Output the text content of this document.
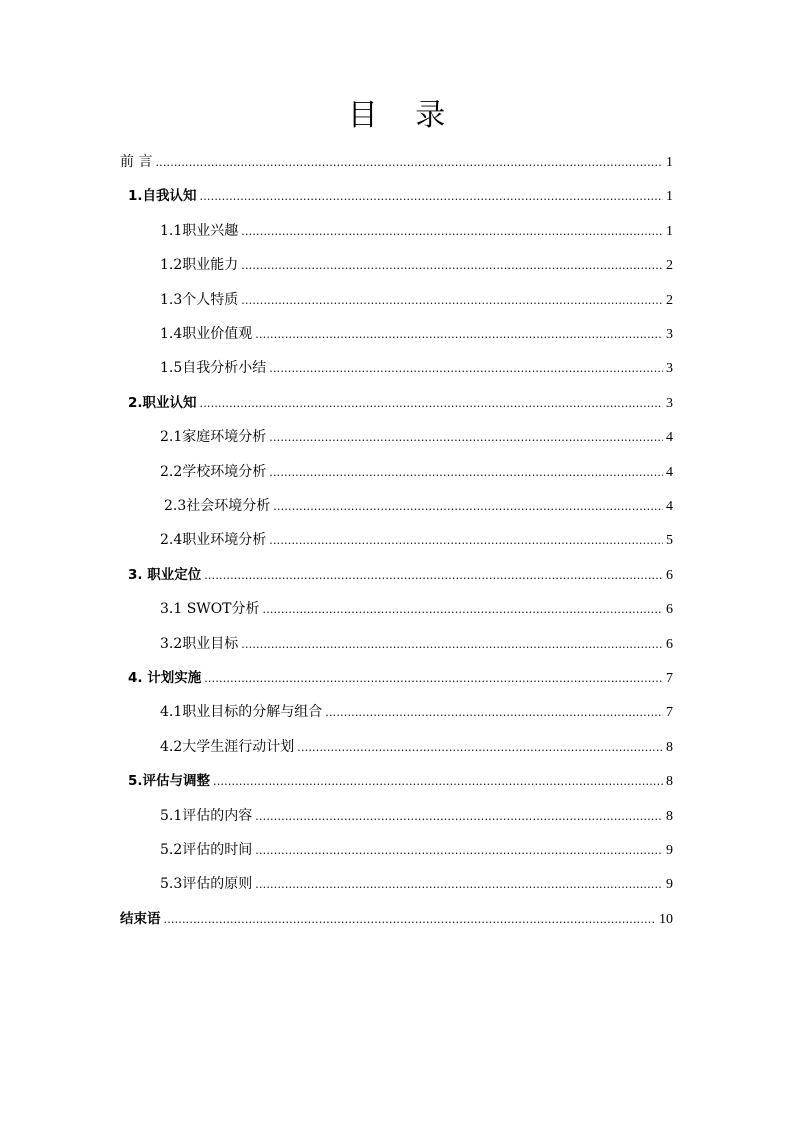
目 录
前 言 .....	1
1.自我认知 .....	1
1.1职业兴趣 .....	1
1.2职业能力 .....	2
1.3个人特质 .....	2
1.4职业价值观 .....	3
1.5自我分析小结 .....	3
2.职业认知 .....	3
2.1家庭环境分析 .....	4
2.2学校环境分析 .....	4
2.3社会环境分析 .....	4
2.4职业环境分析 .....	5
3. 职业定位 .....	6
3.1 SWOT分析 .....	6
3.2职业目标 .....	6
4. 计划实施 .....	7
4.1职业目标的分解与组合 .....	7
4.2大学生涯行动计划 .....	8
5.评估与调整 .....	8
5.1评估的内容 .....	8
5.2评估的时间 .....	9
5.3评估的原则 .....	9
结束语 .....	10
